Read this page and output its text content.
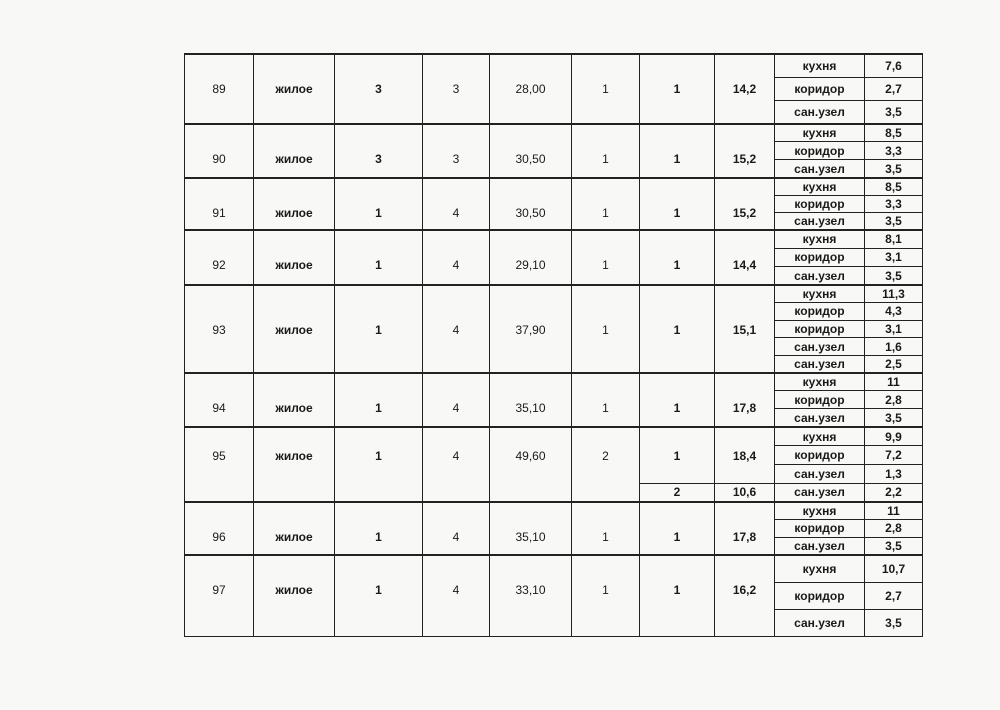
89	жилое	3	3	28,00	1	1	14,2	кухня	7,6
								коридор	2,7
								сан.узел	3,5
90	жилое	3	3	30,50	1	1	15,2	кухня	8,5
								коридор	3,3
								сан.узел	3,5
91	жилое	1	4	30,50	1	1	15,2	кухня	8,5
								коридор	3,3
								сан.узел	3,5
92	жилое	1	4	29,10	1	1	14,4	кухня	8,1
								коридор	3,1
								сан.узел	3,5
93	жилое	1	4	37,90	1	1	15,1	кухня	11,3
								коридор	4,3
								коридор	3,1
								сан.узел	1,6
								сан.узел	2,5
94	жилое	1	4	35,10	1	1	17,8	кухня	11
								коридор	2,8
								сан.узел	3,5
95	жилое	1	4	49,60	2	1	18,4	кухня	9,9
								коридор	7,2
								сан.узел	1,3
						2	10,6	сан.узел	2,2
96	жилое	1	4	35,10	1	1	17,8	кухня	11
								коридор	2,8
								сан.узел	3,5
97	жилое	1	4	33,10	1	1	16,2	кухня	10,7
								коридор	2,7
								сан.узел	3,5
